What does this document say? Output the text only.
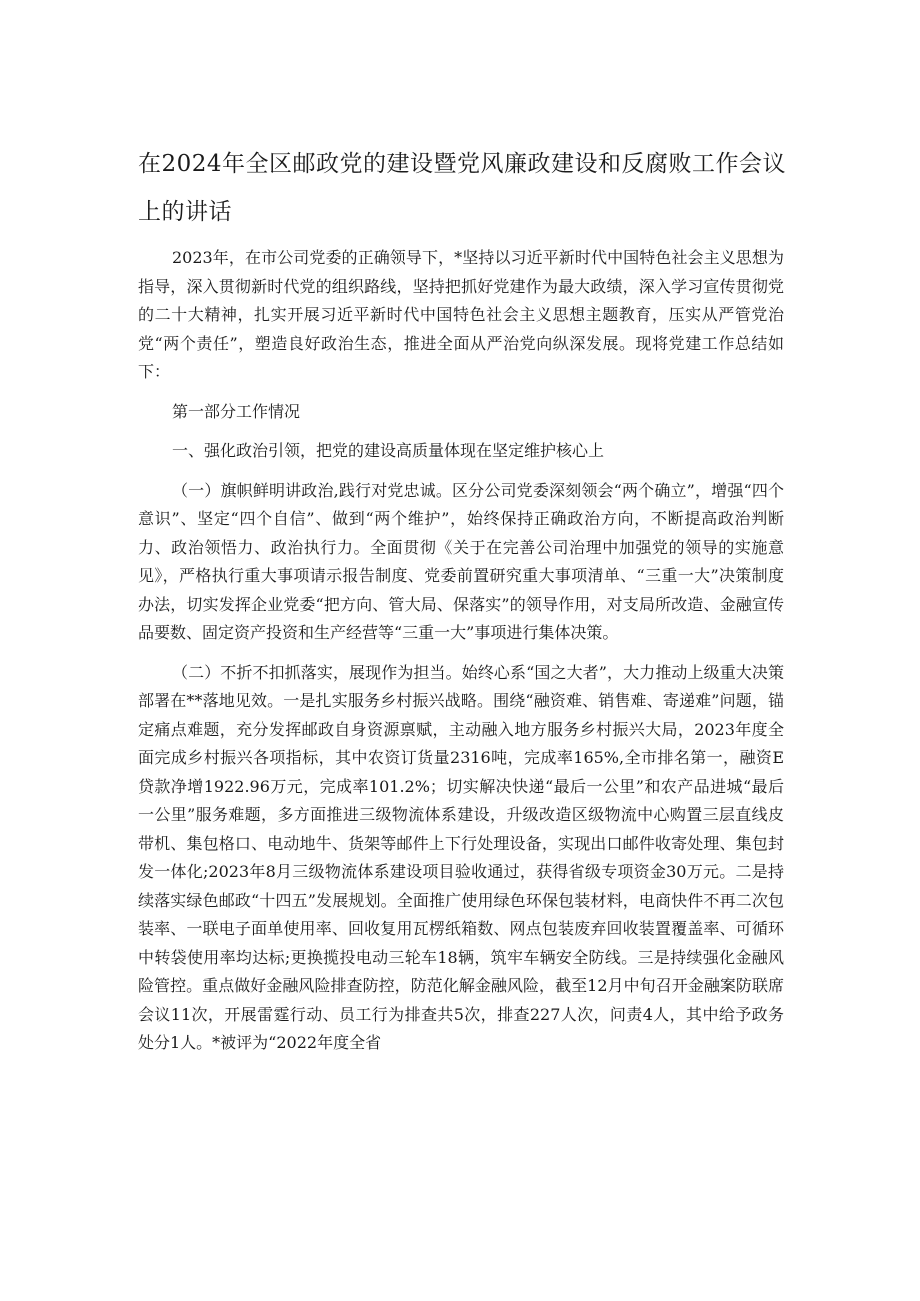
在2024年全区邮政党的建设暨党风廉政建设和反腐败工作会议上的讲话

2023年，在市公司党委的正确领导下，*坚持以习近平新时代中国特色社会主义思想为指导，深入贯彻新时代党的组织路线，坚持把抓好党建作为最大政绩，深入学习宣传贯彻党的二十大精神，扎实开展习近平新时代中国特色社会主义思想主题教育，压实从严管党治党“两个责任”，塑造良好政治生态，推进全面从严治党向纵深发展。现将党建工作总结如下：

第一部分工作情况

一、强化政治引领，把党的建设高质量体现在坚定维护核心上

（一）旗帜鲜明讲政治,践行对党忠诚。区分公司党委深刻领会“两个确立”，增强“四个意识”、坚定“四个自信”、做到“两个维护”，始终保持正确政治方向，不断提高政治判断力、政治领悟力、政治执行力。全面贯彻《关于在完善公司治理中加强党的领导的实施意见》，严格执行重大事项请示报告制度、党委前置研究重大事项清单、“三重一大”决策制度办法，切实发挥企业党委“把方向、管大局、保落实”的领导作用，对支局所改造、金融宣传品要数、固定资产投资和生产经营等“三重一大”事项进行集体决策。

（二）不折不扣抓落实，展现作为担当。始终心系“国之大者”，大力推动上级重大决策部署在**落地见效。一是扎实服务乡村振兴战略。围绕“融资难、销售难、寄递难”问题，锚定痛点难题，充分发挥邮政自身资源禀赋，主动融入地方服务乡村振兴大局，2023年度全面完成乡村振兴各项指标，其中农资订货量2316吨，完成率165%,全市排名第一，融资E贷款净增1922.96万元，完成率101.2%；切实解决快递“最后一公里”和农产品进城“最后一公里”服务难题，多方面推进三级物流体系建设，升级改造区级物流中心购置三层直线皮带机、集包格口、电动地牛、货架等邮件上下行处理设备，实现出口邮件收寄处理、集包封发一体化;2023年8月三级物流体系建设项目验收通过，获得省级专项资金30万元。二是持续落实绿色邮政“十四五”发展规划。全面推广使用绿色环保包装材料，电商快件不再二次包装率、一联电子面单使用率、回收复用瓦楞纸箱数、网点包装废弃回收装置覆盖率、可循环中转袋使用率均达标;更换揽投电动三轮车18辆，筑牢车辆安全防线。三是持续强化金融风险管控。重点做好金融风险排查防控，防范化解金融风险，截至12月中旬召开金融案防联席会议11次，开展雷霆行动、员工行为排查共5次，排查227人次，问责4人，其中给予政务处分1人。*被评为“2022年度全省
